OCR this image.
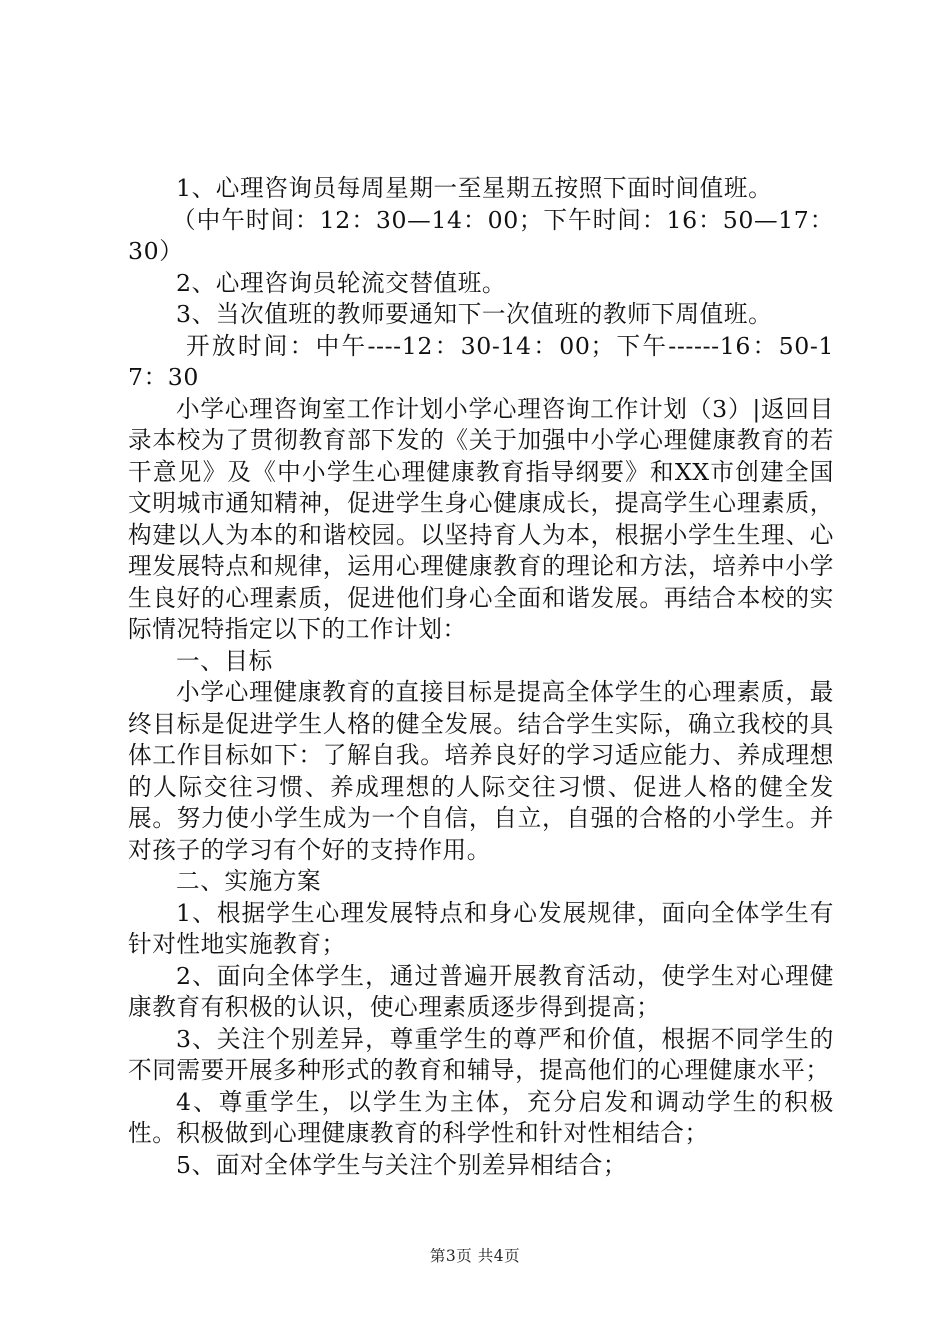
1、心理咨询员每周星期一至星期五按照下面时间值班。

（中午时间：12：30—14：00；下午时间：16：50—17：30）

2、心理咨询员轮流交替值班。

3、当次值班的教师要通知下一次值班的教师下周值班。

开放时间：中午----12：30-14：00；下午------16：50-17：30

小学心理咨询室工作计划小学心理咨询工作计划（3）|返回目录本校为了贯彻教育部下发的《关于加强中小学心理健康教育的若干意见》及《中小学生心理健康教育指导纲要》和XX市创建全国文明城市通知精神，促进学生身心健康成长，提高学生心理素质，构建以人为本的和谐校园。以坚持育人为本，根据小学生生理、心理发展特点和规律，运用心理健康教育的理论和方法，培养中小学生良好的心理素质，促进他们身心全面和谐发展。再结合本校的实际情况特指定以下的工作计划：

一、目标

小学心理健康教育的直接目标是提高全体学生的心理素质，最终目标是促进学生人格的健全发展。结合学生实际，确立我校的具体工作目标如下：了解自我。培养良好的学习适应能力、养成理想的人际交往习惯、养成理想的人际交往习惯、促进人格的健全发展。努力使小学生成为一个自信，自立，自强的合格的小学生。并对孩子的学习有个好的支持作用。

二、实施方案

1、根据学生心理发展特点和身心发展规律，面向全体学生有针对性地实施教育；

2、面向全体学生，通过普遍开展教育活动，使学生对心理健康教育有积极的认识，使心理素质逐步得到提高；

3、关注个别差异，尊重学生的尊严和价值，根据不同学生的不同需要开展多种形式的教育和辅导，提高他们的心理健康水平；

4、尊重学生，以学生为主体，充分启发和调动学生的积极性。积极做到心理健康教育的科学性和针对性相结合；

5、面对全体学生与关注个别差异相结合；

第3页 共4页
